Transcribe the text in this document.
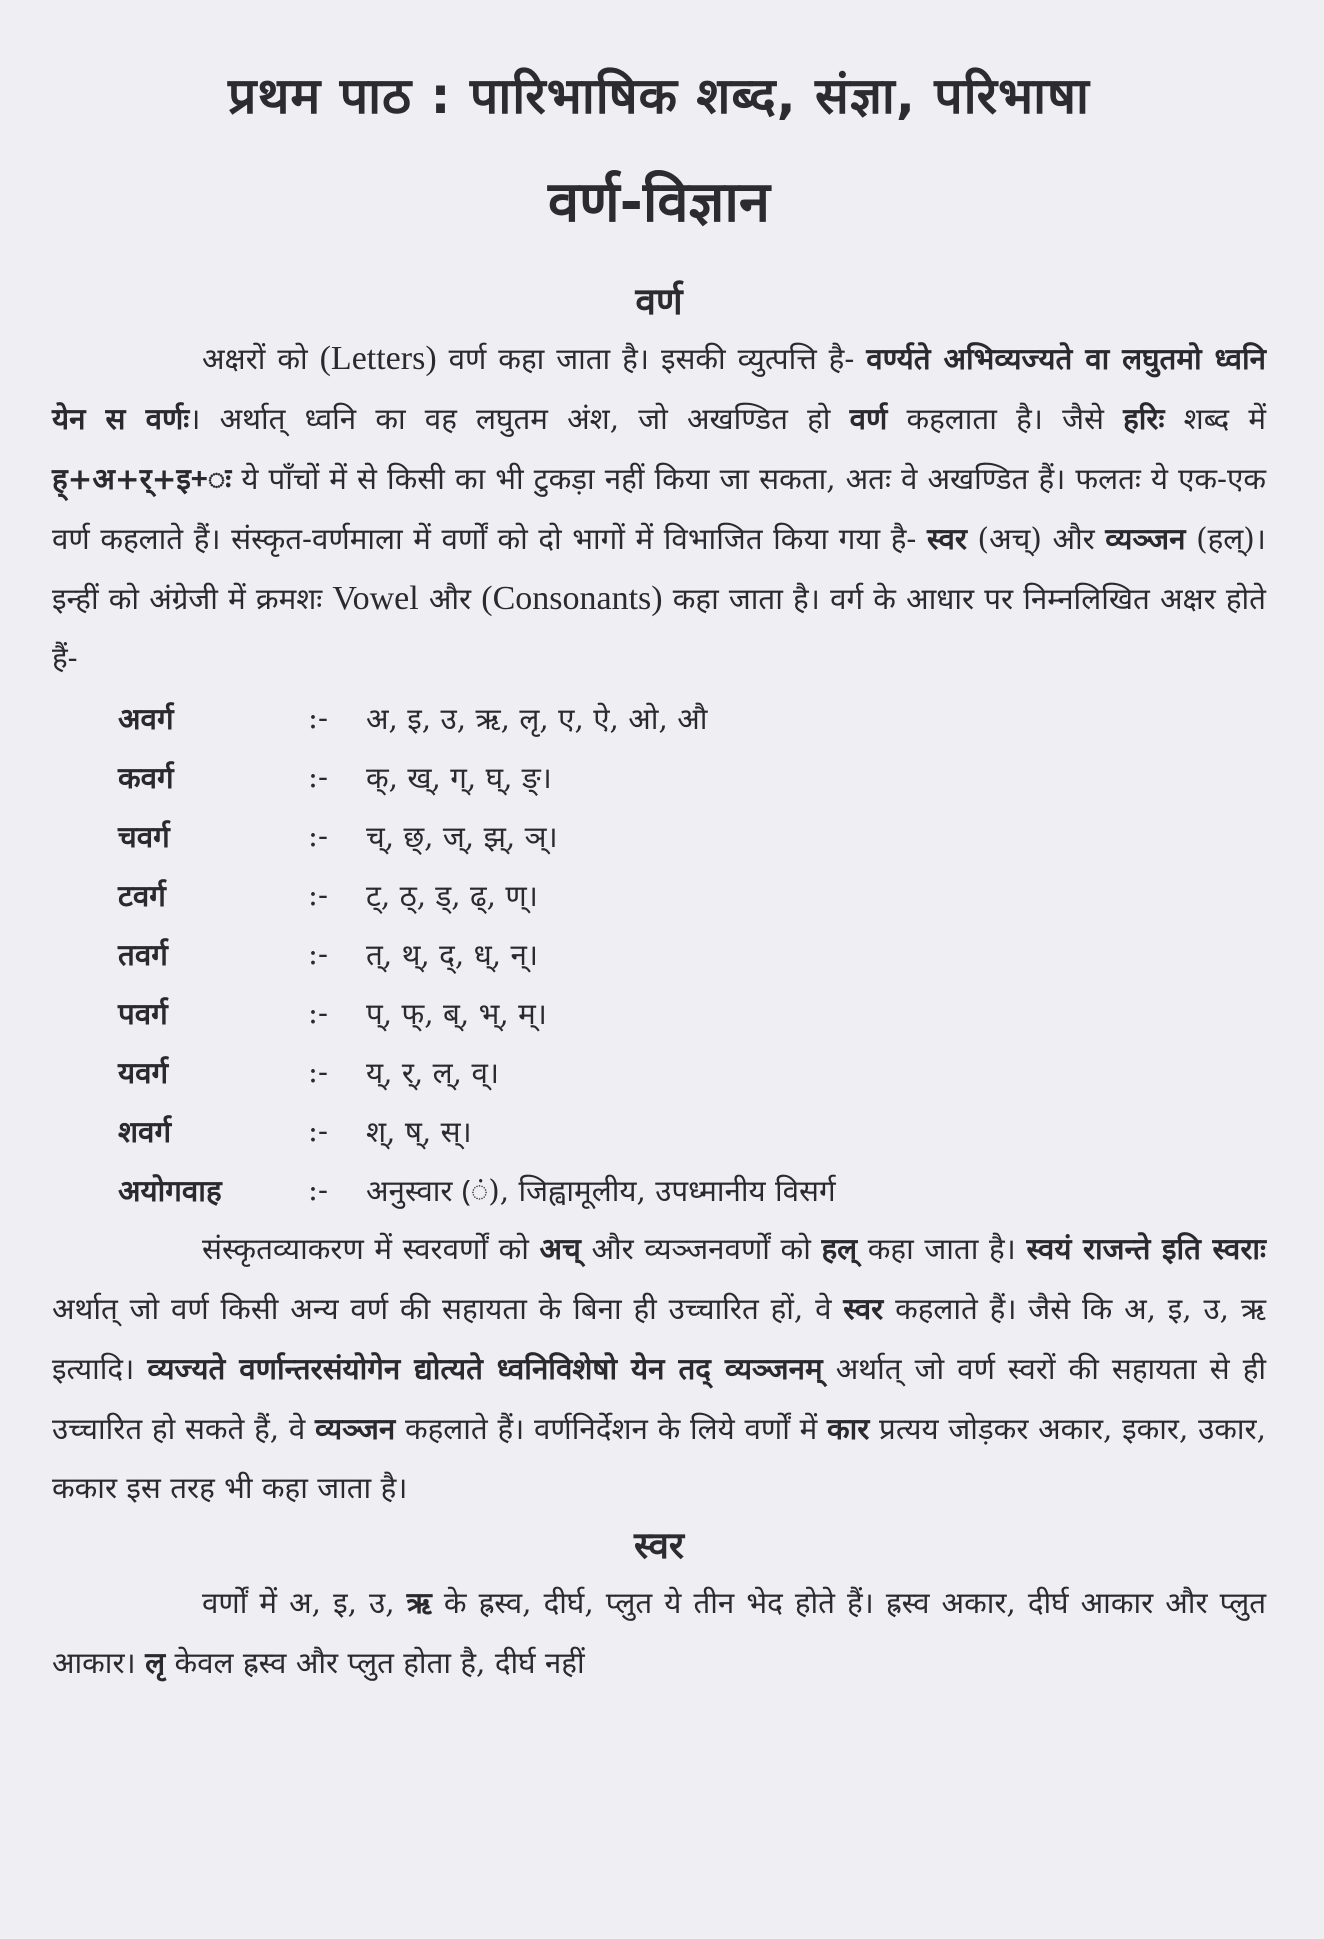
प्रथम पाठ : पारिभाषिक शब्द, संज्ञा, परिभाषा
वर्ण-विज्ञान
वर्ण

अक्षरों को (Letters) वर्ण कहा जाता है। इसकी व्युत्पत्ति है- वर्ण्यते अभिव्यज्यते वा लघुतमो ध्वनि येन स वर्णः। अर्थात् ध्वनि का वह लघुतम अंश, जो अखण्डित हो वर्ण कहलाता है। जैसे हरिः शब्द में ह्+अ+र्+इ+ः ये पाँचों में से किसी का भी टुकड़ा नहीं किया जा सकता, अतः वे अखण्डित हैं। फलतः ये एक-एक वर्ण कहलाते हैं। संस्कृत-वर्णमाला में वर्णों को दो भागों में विभाजित किया गया है- स्वर (अच्) और व्यञ्जन (हल्)। इन्हीं को अंग्रेजी में क्रमशः Vowel और (Consonants) कहा जाता है। वर्ग के आधार पर निम्नलिखित अक्षर होते हैं-

अवर्ग	:-	अ, इ, उ, ऋ, लृ, ए, ऐ, ओ, औ
कवर्ग	:-	क्, ख्, ग्, घ्, ङ्।
चवर्ग	:-	च्, छ्, ज्, झ्, ञ्।
टवर्ग	:-	ट्, ठ्, ड्, ढ्, ण्।
तवर्ग	:-	त्, थ्, द्, ध्, न्।
पवर्ग	:-	प्, फ्, ब्, भ्, म्।
यवर्ग	:-	य्, र्, ल्, व्।
शवर्ग	:-	श्, ष्, स्।
अयोगवाह	:-	अनुस्वार (ं), जिह्वामूलीय, उपध्मानीय विसर्ग

संस्कृतव्याकरण में स्वरवर्णों को अच् और व्यञ्जनवर्णों को हल् कहा जाता है। स्वयं राजन्ते इति स्वराः अर्थात् जो वर्ण किसी अन्य वर्ण की सहायता के बिना ही उच्चारित हों, वे स्वर कहलाते हैं। जैसे कि अ, इ, उ, ऋ इत्यादि। व्यज्यते वर्णान्तरसंयोगेन द्योत्यते ध्वनिविशेषो येन तद् व्यञ्जनम् अर्थात् जो वर्ण स्वरों की सहायता से ही उच्चारित हो सकते हैं, वे व्यञ्जन कहलाते हैं। वर्णनिर्देशन के लिये वर्णों में कार प्रत्यय जोड़कर अकार, इकार, उकार, ककार इस तरह भी कहा जाता है।

स्वर

वर्णों में अ, इ, उ, ऋ के ह्रस्व, दीर्घ, प्लुत ये तीन भेद होते हैं। ह्रस्व अकार, दीर्घ आकार और प्लुत आकार। लृ केवल ह्रस्व और प्लुत होता है, दीर्घ नहीं
